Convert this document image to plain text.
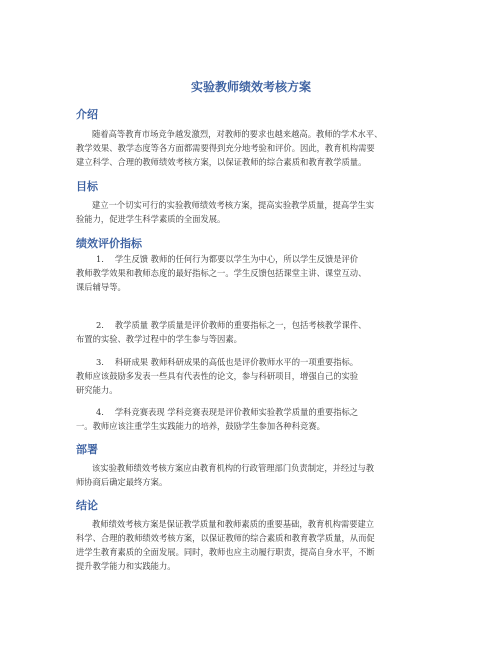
实验教师绩效考核方案
介绍
随着高等教育市场竞争越发激烈，对教师的要求也越来越高。教师的学术水平、
教学效果、教学态度等各方面都需要得到充分地考验和评价。因此，教育机构需要
建立科学、合理的教师绩效考核方案，以保证教师的综合素质和教育教学质量。
目标
建立一个切实可行的实验教师绩效考核方案，提高实验教学质量，提高学生实
验能力，促进学生科学素质的全面发展。
绩效评价指标
1.　 学生反馈 教师的任何行为都要以学生为中心，所以学生反馈是评价
教师教学效果和教师态度的最好指标之一。学生反馈包括课堂主讲、课堂互动、
课后辅导等。
2.　 教学质量 教学质量是评价教师的重要指标之一，包括考核教学课件、
布置的实验、教学过程中的学生参与等因素。
3.　 科研成果 教师科研成果的高低也是评价教师水平的一项重要指标。
教师应该鼓励多发表一些具有代表性的论文，参与科研项目，增强自己的实验
研究能力。
4.　 学科竞赛表现 学科竞赛表现是评价教师实验教学质量的重要指标之
一。教师应该注重学生实践能力的培养，鼓励学生参加各种科竞赛。
部署
该实验教师绩效考核方案应由教育机构的行政管理部门负责制定，并经过与教
师协商后确定最终方案。
结论
教师绩效考核方案是保证教学质量和教师素质的重要基础，教育机构需要建立
科学、合理的教师绩效考核方案，以保证教师的综合素质和教育教学质量，从而促
进学生教育素质的全面发展。同时，教师也应主动履行职责，提高自身水平，不断
提升教学能力和实践能力。
